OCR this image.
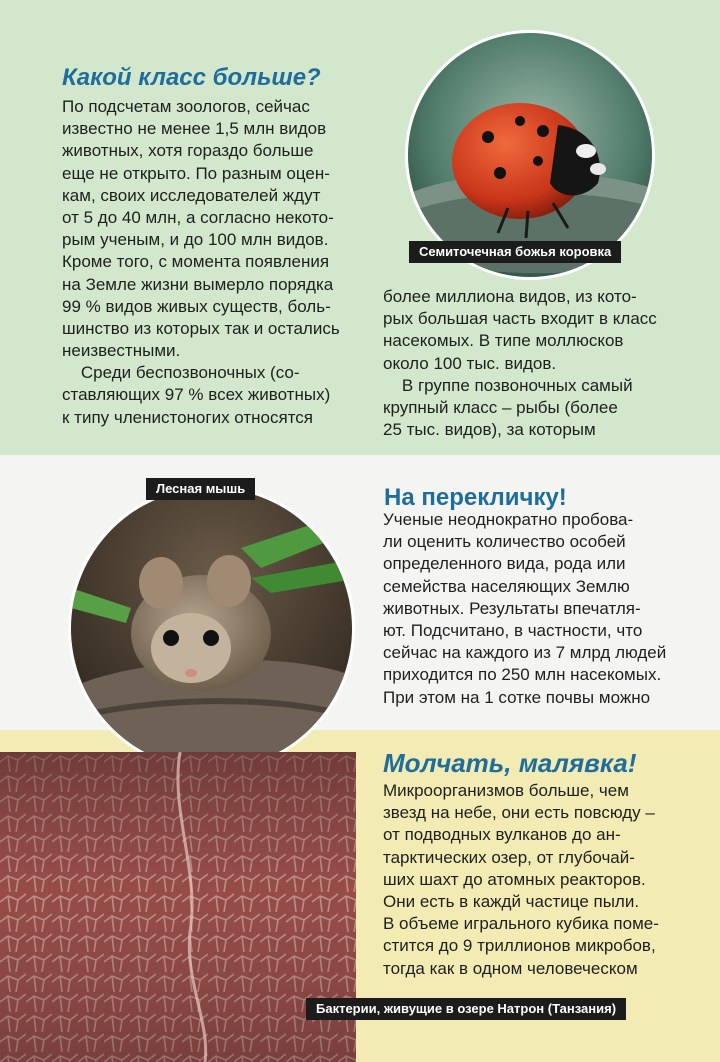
Какой класс больше?
По подсчетам зоологов, сейчас
известно не менее 1,5 млн видов
животных, хотя гораздо больше
еще не открыто. По разным оцен-
кам, своих исследователей ждут
от 5 до 40 млн, а согласно некото-
рым ученым, и до 100 млн видов.
Кроме того, с момента появления
на Земле жизни вымерло порядка
99 % видов живых существ, боль-
шинство из которых так и остались
неизвестными.
Среди беспозвоночных (со-
ставляющих 97 % всех животных)
к типу членистоногих относятся
Семиточечная божья коровка
более миллиона видов, из кото-
рых большая часть входит в класс
насекомых. В типе моллюсков
около 100 тыс. видов.
В группе позвоночных самый
крупный класс – рыбы (более
25 тыс. видов), за которым
Лесная мышь	На перекличку!
Ученые неоднократно пробова-
ли оценить количество особей
определенного вида, рода или
семейства населяющих Землю
животных. Результаты впечатля-
ют. Подсчитано, в частности, что
сейчас на каждого из 7 млрд людей
приходится по 250 млн насекомых.
При этом на 1 сотке почвы можно
Молчать, малявка!
Микроорганизмов больше, чем
звезд на небе, они есть повсюду –
от подводных вулканов до ан-
тарктических озер, от глубочай-
ших шахт до атомных реакторов.
Они есть в каждй частице пыли.
В объеме игрального кубика поме-
стится до 9 триллионов микробов,
тогда как в одном человеческом
Бактерии, живущие в озере Натрон (Танзания)
